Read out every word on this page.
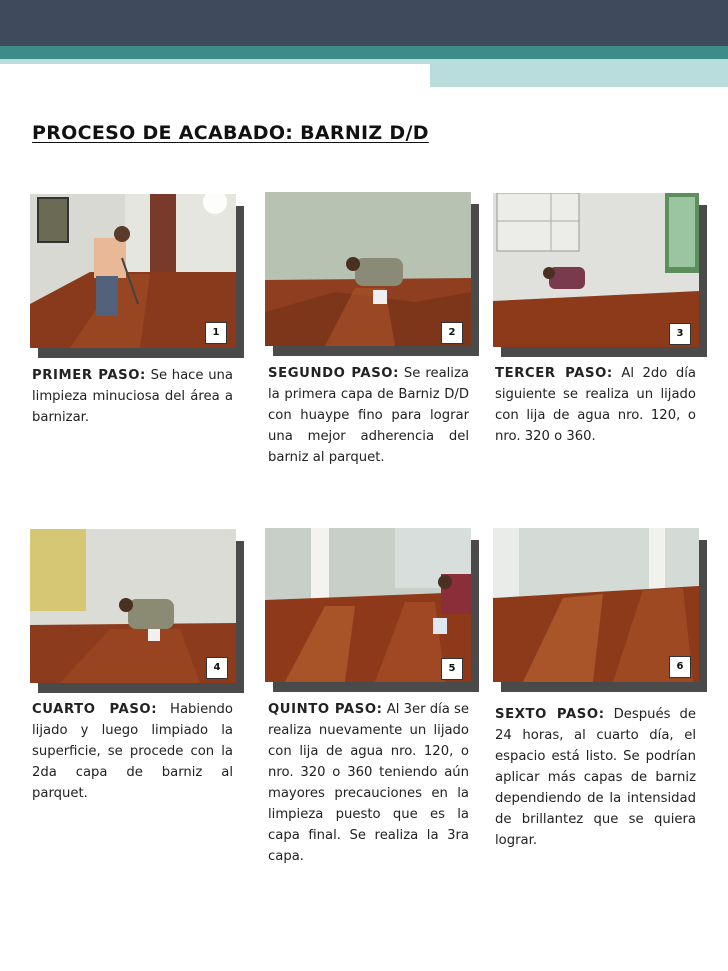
PROCESO DE ACABADO: BARNIZ D/D
1	2	3
4	5	6

PRIMER PASO: Se hace una limpieza minuciosa del área a barnizar.

SEGUNDO PASO: Se realiza la primera capa de Barniz D/D con huaype fino para lograr una mejor adherencia del barniz al parquet.

TERCER PASO: Al 2do día siguiente se realiza un lijado con lija de agua nro. 120, o nro. 320 o 360.

CUARTO PASO: Habiendo lijado y luego limpiado la superficie, se procede con la 2da capa de barniz al parquet.

QUINTO PASO: Al 3er día se realiza nuevamente un lijado con lija de agua nro. 120, o nro. 320 o 360 teniendo aún mayores precauciones en la limpieza puesto que es la capa final. Se realiza la 3ra capa.

SEXTO PASO: Después de 24 horas, al cuarto día, el espacio está listo. Se podrían aplicar más capas de barniz dependiendo de la intensidad de brillantez que se quiera lograr.
